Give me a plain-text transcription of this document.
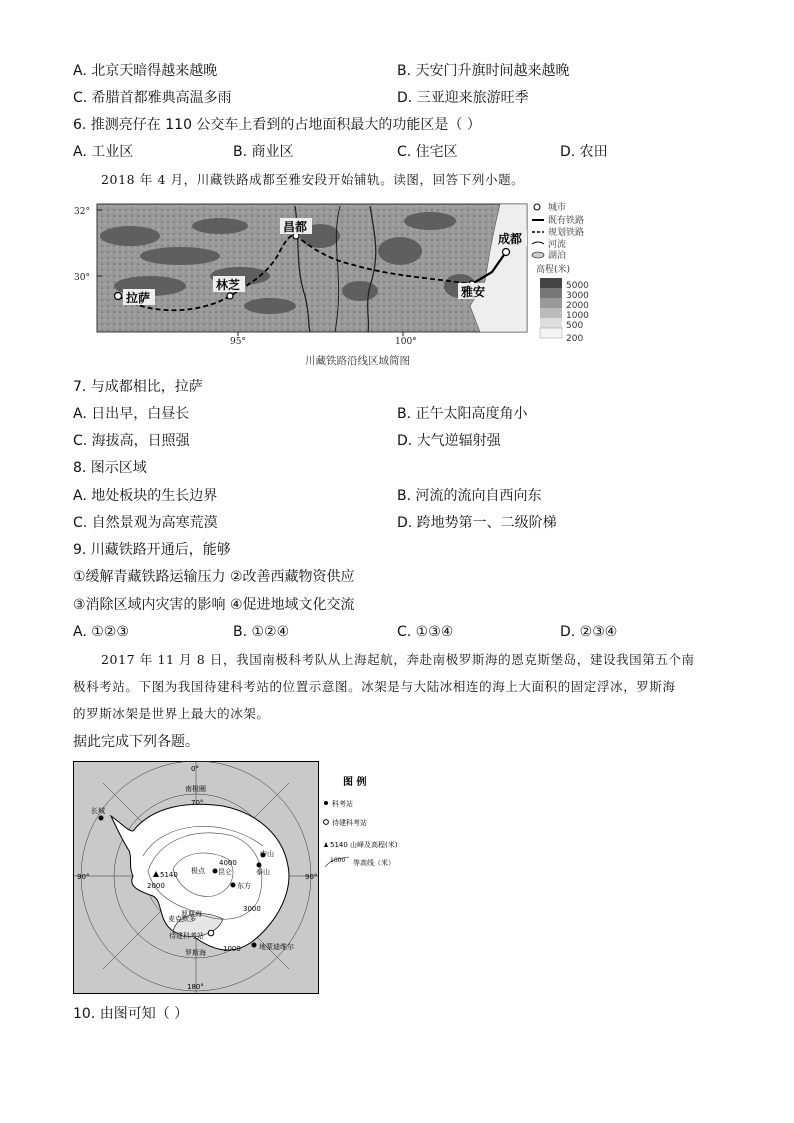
A. 北京天暗得越来越晚	B. 天安门升旗时间越来越晚
C. 希腊首都雅典高温多雨	D. 三亚迎来旅游旺季
6. 推测亮仔在 110 公交车上看到的占地面积最大的功能区是（ ）
A. 工业区	B. 商业区	C. 住宅区	D. 农田
2018 年 4 月，川藏铁路成都至雅安段开始铺轨。读图，回答下列小题。
拉萨
林芝
昌都
成都
雅安
32°
30°
95°	100°
川藏铁路沿线区域简图
城市
既有铁路
规划铁路
河流
湖泊
高程(米)
5000
3000
2000
1000
500
200
7. 与成都相比，拉萨
A. 日出早，白昼长	B. 正午太阳高度角小
C. 海拔高，日照强	D. 大气逆辐射强
8. 图示区域
A. 地处板块的生长边界	B. 河流的流向自西向东
C. 自然景观为高寒荒漠	D. 跨地势第一、二级阶梯
9. 川藏铁路开通后，能够
①缓解青藏铁路运输压力 ②改善西藏物资供应
③消除区域内灾害的影响 ④促进地域文化交流
A. ①②③	B. ①②④	C. ①③④	D. ②③④
2017 年 11 月 8 日，我国南极科考队从上海起航，奔赴南极罗斯海的恩克斯堡岛，建设我国第五个南
极科考站。下图为我国待建科考站的位置示意图。冰架是与大陆冰相连的海上大面积的固定浮冰，罗斯海
的罗斯冰架是世界上最大的冰架。
据此完成下列各题。
0°
90°	90°
180°
南极圈
70°
长城
昆仑
东方
泰山
中山
麦克默多
5140
2000
4000
3000
1000
极点
罗斯海
待建科考站
罗斯海
地蒙迪维尔
图 例
科考站
待建科考站
5140 山峰及高程(米)
1000 等高线（米）
10. 由图可知（ ）
